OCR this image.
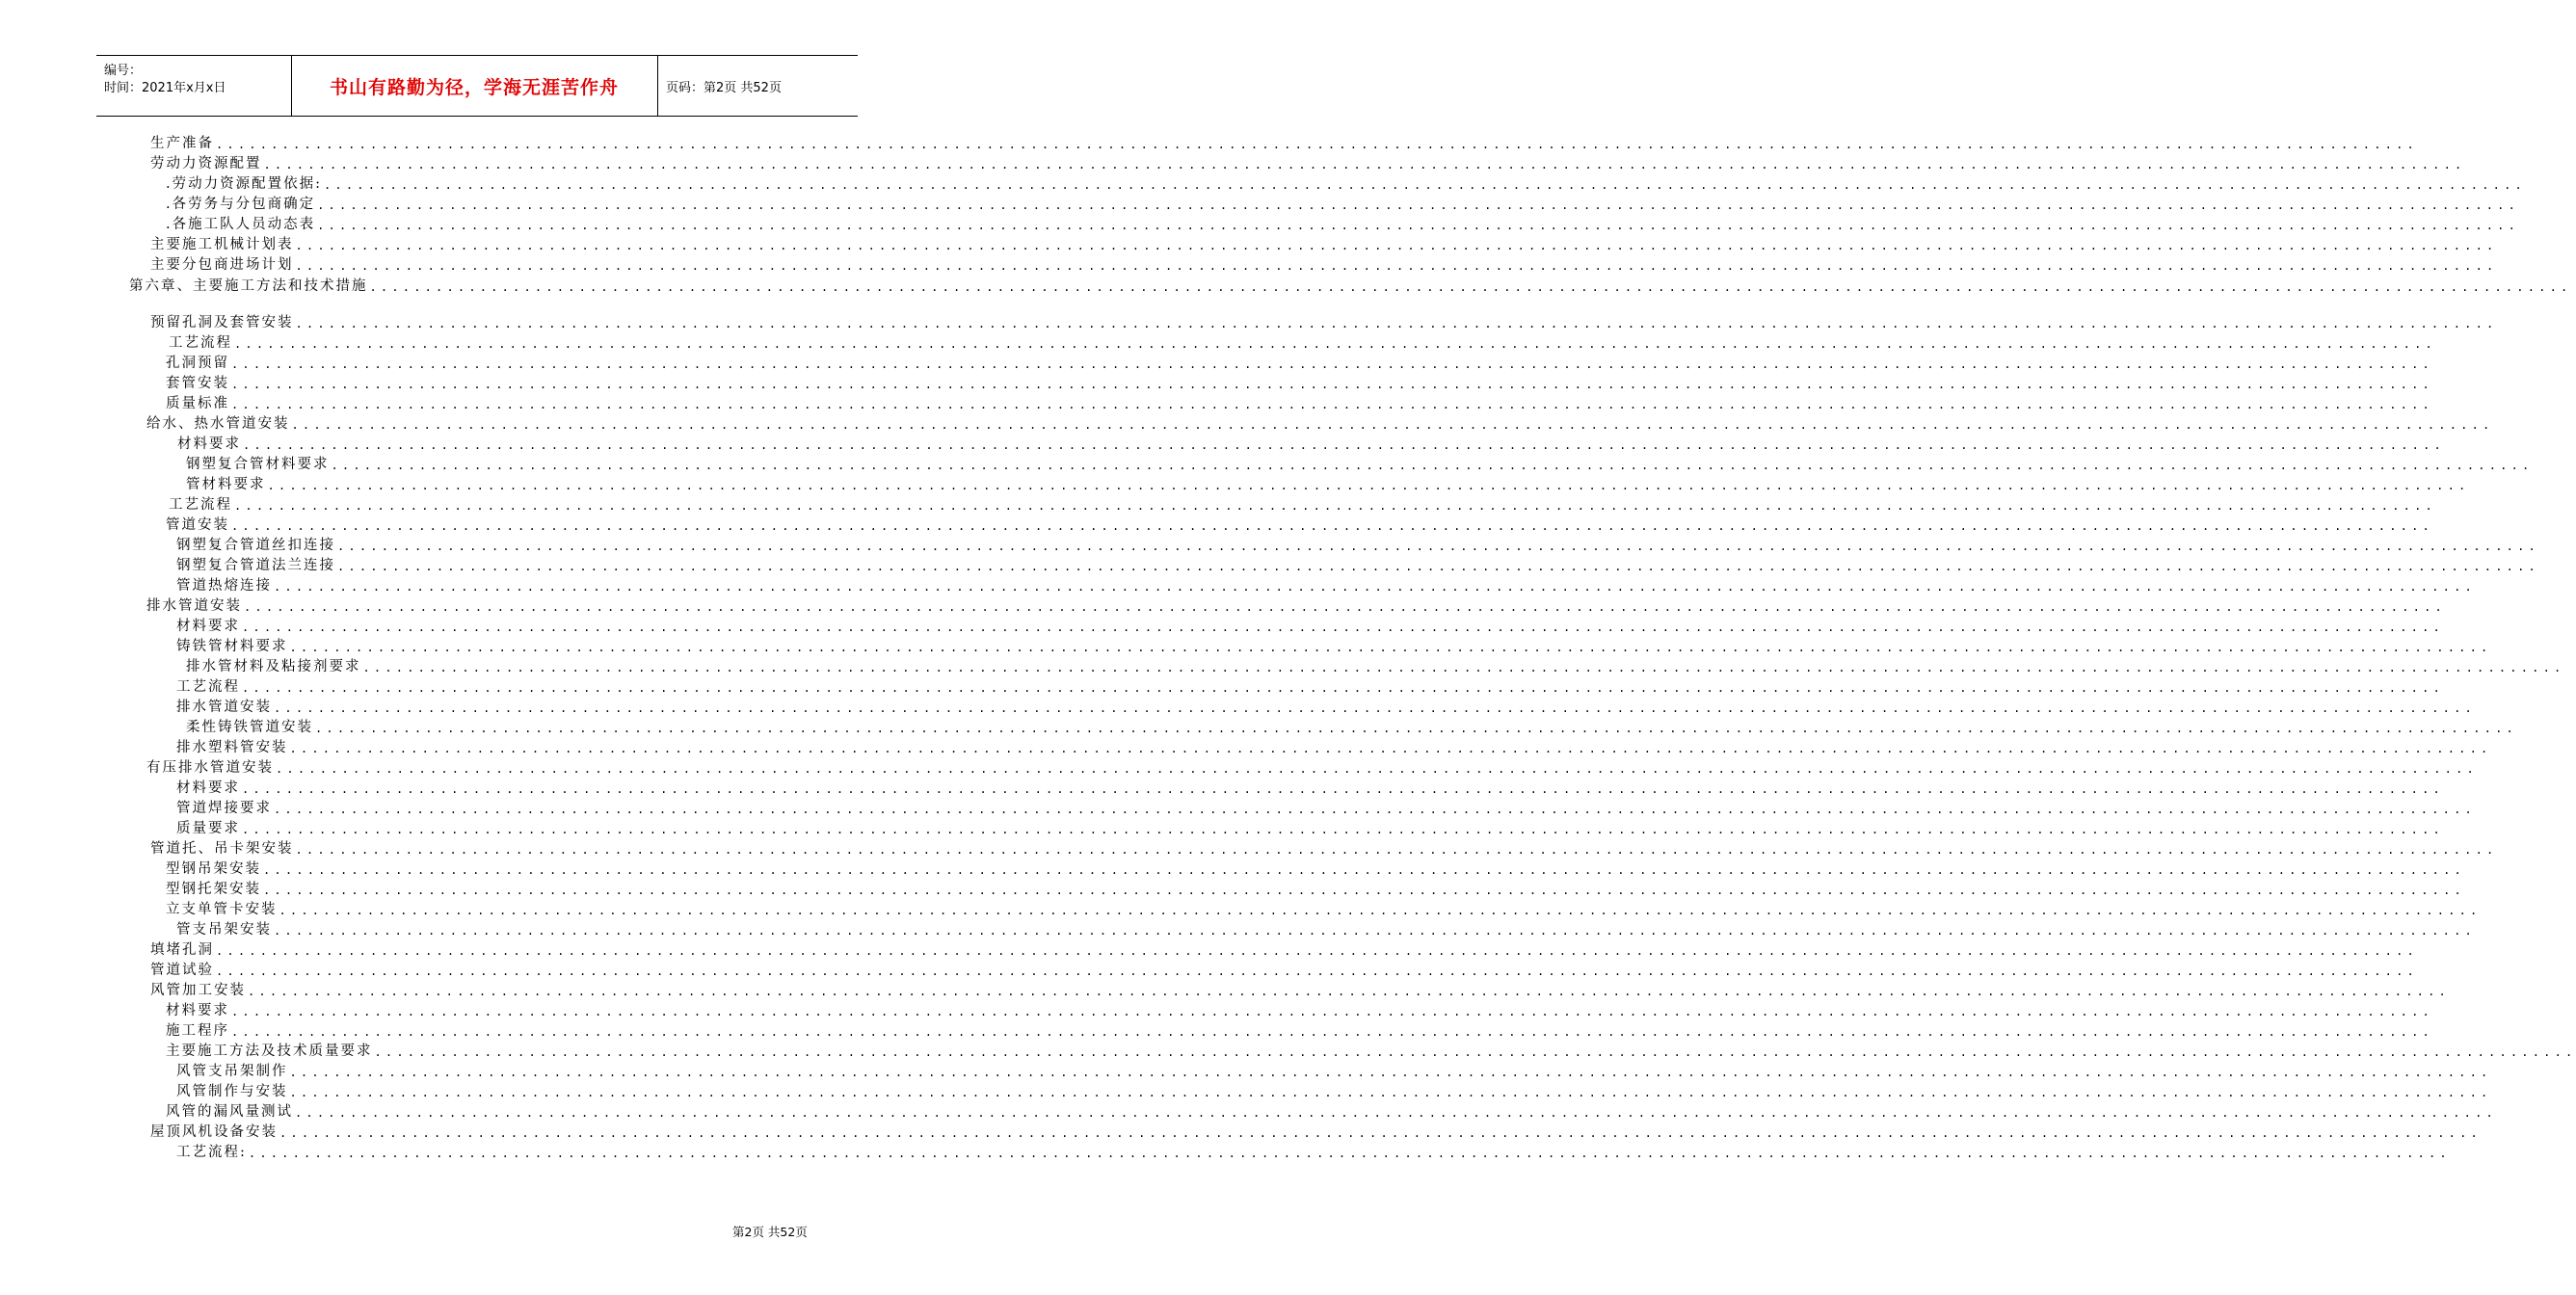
编号：
时间：2021年x月x日	书山有路勤为径，学海无涯苦作舟	页码：第2页 共52页
生产准备 ........................................................................................................................................................................................................
劳动力资源配置 ........................................................................................................................................................................................................
.劳动力资源配置依据: ........................................................................................................................................................................................................
.各劳务与分包商确定 ........................................................................................................................................................................................................
.各施工队人员动态表 ........................................................................................................................................................................................................
主要施工机械计划表 ........................................................................................................................................................................................................
主要分包商进场计划 ........................................................................................................................................................................................................
第六章、主要施工方法和技术措施 ........................................................................................................................................................................................................
预留孔洞及套管安装 ........................................................................................................................................................................................................
工艺流程 ........................................................................................................................................................................................................
孔洞预留 ........................................................................................................................................................................................................
套管安装 ........................................................................................................................................................................................................
质量标准 ........................................................................................................................................................................................................
给水、热水管道安装 ........................................................................................................................................................................................................
材料要求 ........................................................................................................................................................................................................
钢塑复合管材料要求 ........................................................................................................................................................................................................
管材料要求 ........................................................................................................................................................................................................
工艺流程 ........................................................................................................................................................................................................
管道安装 ........................................................................................................................................................................................................
钢塑复合管道丝扣连接 ........................................................................................................................................................................................................
钢塑复合管道法兰连接 ........................................................................................................................................................................................................
管道热熔连接 ........................................................................................................................................................................................................
排水管道安装 ........................................................................................................................................................................................................
材料要求 ........................................................................................................................................................................................................
铸铁管材料要求 ........................................................................................................................................................................................................
排水管材料及粘接剂要求 ........................................................................................................................................................................................................
工艺流程 ........................................................................................................................................................................................................
排水管道安装 ........................................................................................................................................................................................................
柔性铸铁管道安装 ........................................................................................................................................................................................................
排水塑料管安装 ........................................................................................................................................................................................................
有压排水管道安装 ........................................................................................................................................................................................................
材料要求 ........................................................................................................................................................................................................
管道焊接要求 ........................................................................................................................................................................................................
质量要求 ........................................................................................................................................................................................................
管道托、吊卡架安装 ........................................................................................................................................................................................................
型钢吊架安装 ........................................................................................................................................................................................................
型钢托架安装 ........................................................................................................................................................................................................
立支单管卡安装 ........................................................................................................................................................................................................
管支吊架安装 ........................................................................................................................................................................................................
填堵孔洞 ........................................................................................................................................................................................................
管道试验 ........................................................................................................................................................................................................
风管加工安装 ........................................................................................................................................................................................................
材料要求 ........................................................................................................................................................................................................
施工程序 ........................................................................................................................................................................................................
主要施工方法及技术质量要求 ........................................................................................................................................................................................................
风管支吊架制作 ........................................................................................................................................................................................................
风管制作与安装 ........................................................................................................................................................................................................
风管的漏风量测试 ........................................................................................................................................................................................................
屋顶风机设备安装 ........................................................................................................................................................................................................
工艺流程: ........................................................................................................................................................................................................
第2页 共52页
